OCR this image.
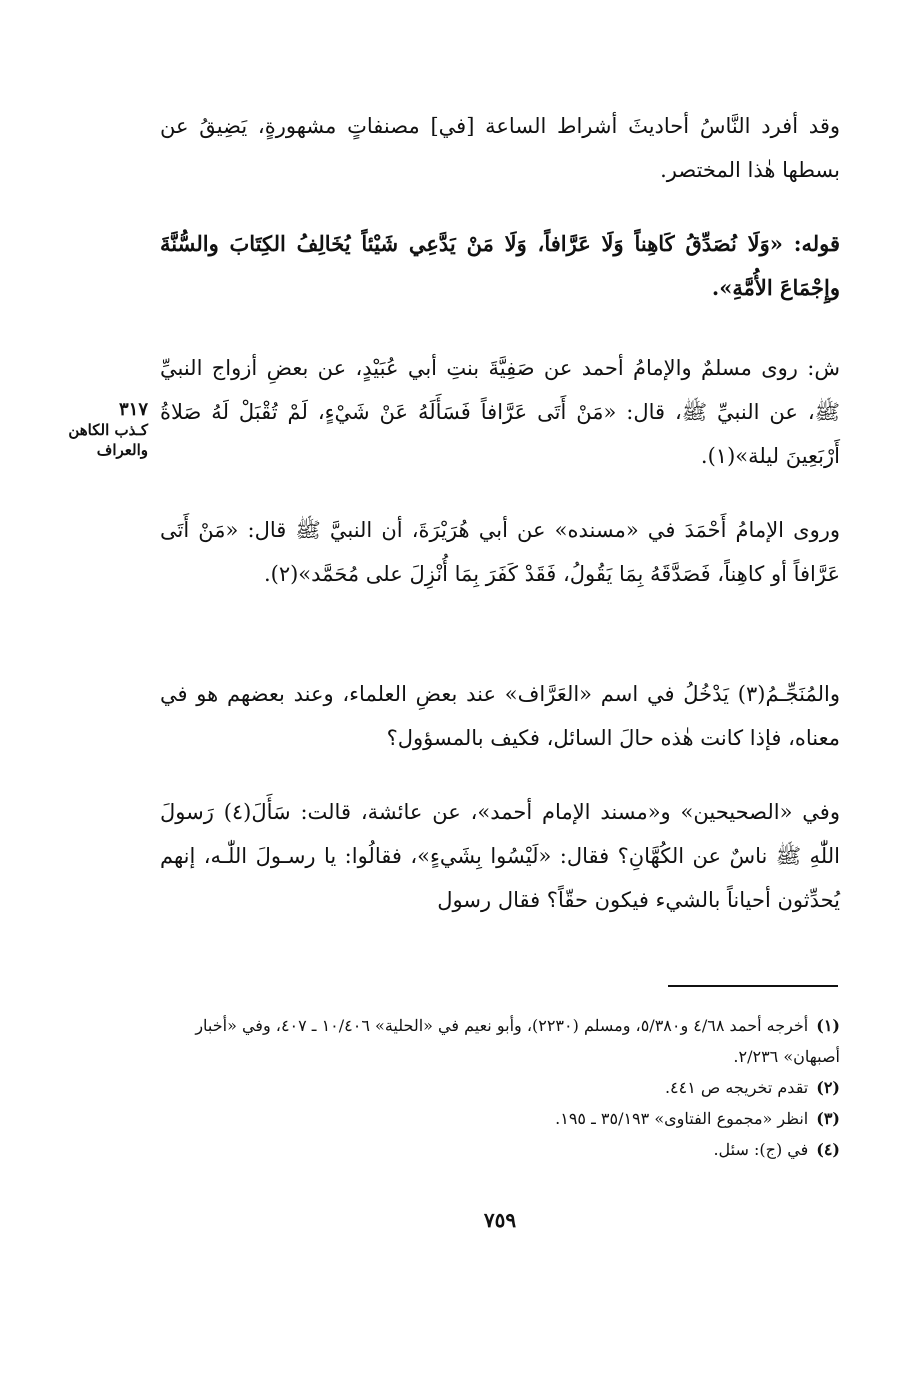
وقد أفرد النَّاسُ أحاديثَ أشراط الساعة [في] مصنفاتٍ مشهورةٍ، يَضِيقُ عن بسطها هٰذا المختصر.

قوله: «وَلَا نُصَدِّقُ كَاهِناً وَلَا عَرَّافاً، وَلَا مَنْ يَدَّعِي شَيْئاً يُخَالِفُ الكِتَابَ والسُّنَّةَ وإِجْمَاعَ الأُمَّةِ».

ش: روى مسلمٌ والإمامُ أحمد عن صَفِيَّةَ بنتِ أبي عُبَيْدٍ، عن بعضِ أزواج النبيِّ ﷺ، عن النبيِّ ﷺ، قال: «مَنْ أَتَى عَرَّافاً فَسَأَلَهُ عَنْ شَيْءٍ، لَمْ تُقْبَلْ لَهُ صَلاةُ أَرْبَعِينَ ليلة»(١).

وروى الإمامُ أَحْمَدَ في «مسنده» عن أبي هُرَيْرَةَ، أن النبيَّ ﷺ قال: «مَنْ أَتَى عَرَّافاً أو كاهِناً، فَصَدَّقَهُ بِمَا يَقُولُ، فَقَدْ كَفَرَ بِمَا أُنْزِلَ على مُحَمَّد»(٢).

والمُنَجِّـمُ(٣) يَدْخُلُ في اسم «العَرَّاف» عند بعضِ العلماء، وعند بعضهم هو في معناه، فإذا كانت هٰذه حالَ السائل، فكيف بالمسؤول؟

وفي «الصحيحين» و«مسند الإمام أحمد»، عن عائشة، قالت: سَأَلَ(٤) رَسولَ اللّٰهِ ﷺ ناسٌ عن الكُهَّانِ؟ فقال: «لَيْسُوا بِشَيءٍ»، فقالُوا: يا رسـولَ اللّٰـه، إنهم يُحدِّثون أحياناً بالشيء فيكون حقّاً؟ فقال رسول

٣١٧
كـذب الكاهن
والعراف

(١)أخرجه أحمد ٤/٦٨ و٥/٣٨٠، ومسلم (٢٢٣٠)، وأبو نعيم في «الحلية» ١٠/٤٠٦ ـ ٤٠٧، وفي «أخبار أصبهان» ٢/٢٣٦.

(٢)تقدم تخريجه ص ٤٤١.

(٣)انظر «مجموع الفتاوى» ٣٥/١٩٣ ـ ١٩٥.

(٤)في (ج): سئل.

٧٥٩
